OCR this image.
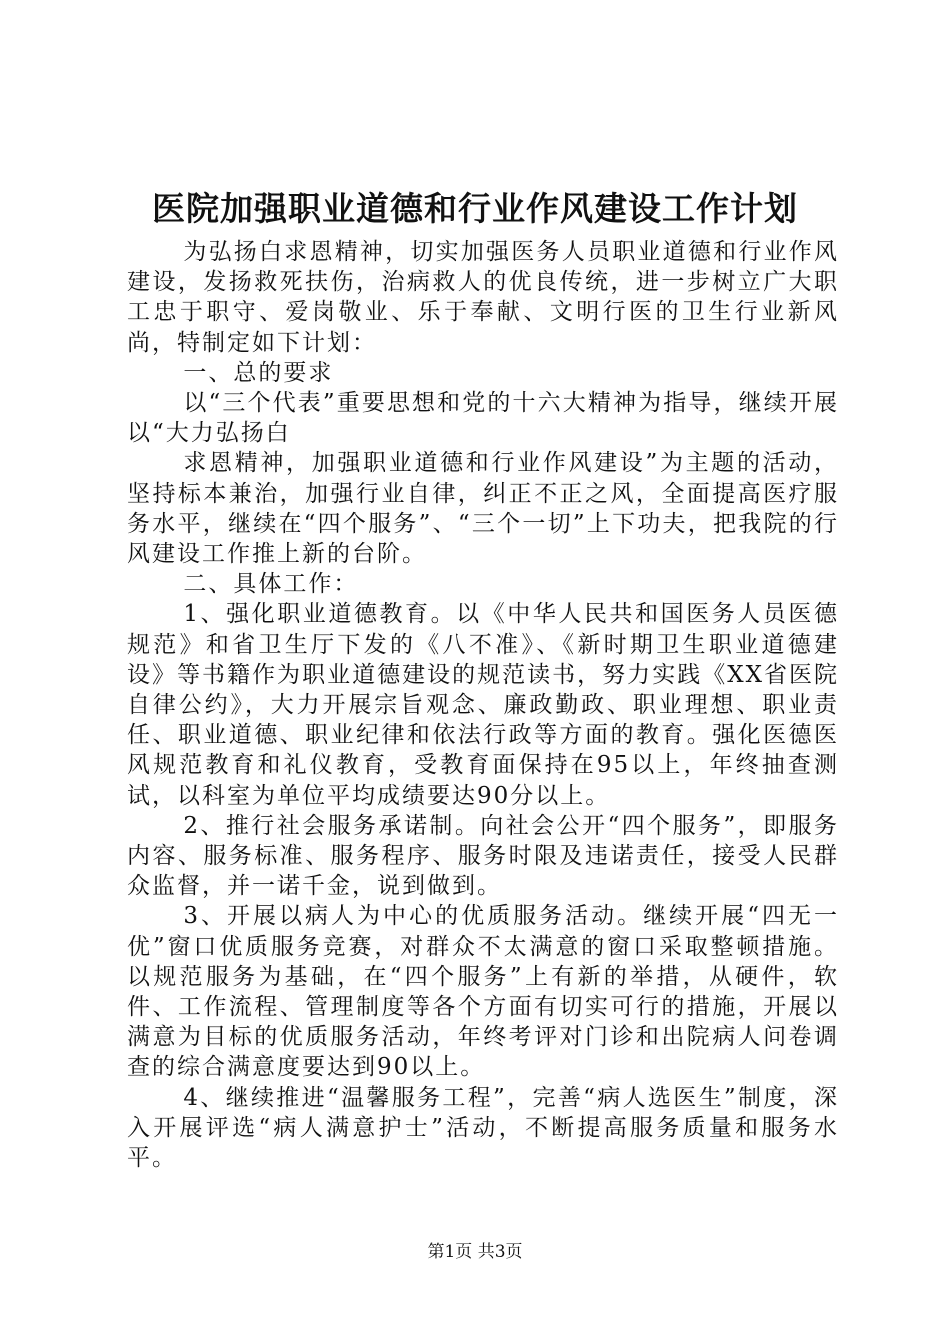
医院加强职业道德和行业作风建设工作计划

为弘扬白求恩精神，切实加强医务人员职业道德和行业作风建设，发扬救死扶伤，治病救人的优良传统，进一步树立广大职工忠于职守、爱岗敬业、乐于奉献、文明行医的卫生行业新风尚，特制定如下计划：

一、总的要求

以“三个代表”重要思想和党的十六大精神为指导，继续开展以“大力弘扬白

求恩精神，加强职业道德和行业作风建设”为主题的活动，坚持标本兼治，加强行业自律，纠正不正之风，全面提高医疗服务水平，继续在“四个服务”、“三个一切”上下功夫，把我院的行风建设工作推上新的台阶。

二、具体工作：

1、强化职业道德教育。以《中华人民共和国医务人员医德规范》和省卫生厅下发的《八不准》、《新时期卫生职业道德建设》等书籍作为职业道德建设的规范读书，努力实践《XX省医院自律公约》，大力开展宗旨观念、廉政勤政、职业理想、职业责任、职业道德、职业纪律和依法行政等方面的教育。强化医德医风规范教育和礼仪教育，受教育面保持在95以上，年终抽查测试，以科室为单位平均成绩要达90分以上。

2、推行社会服务承诺制。向社会公开“四个服务”，即服务内容、服务标准、服务程序、服务时限及违诺责任，接受人民群众监督，并一诺千金，说到做到。

3、开展以病人为中心的优质服务活动。继续开展“四无一优”窗口优质服务竞赛，对群众不太满意的窗口采取整顿措施。以规范服务为基础，在“四个服务”上有新的举措，从硬件，软件、工作流程、管理制度等各个方面有切实可行的措施，开展以满意为目标的优质服务活动，年终考评对门诊和出院病人问卷调查的综合满意度要达到90以上。

4、继续推进“温馨服务工程”，完善“病人选医生”制度，深入开展评选“病人满意护士”活动，不断提高服务质量和服务水平。

第1页 共3页
